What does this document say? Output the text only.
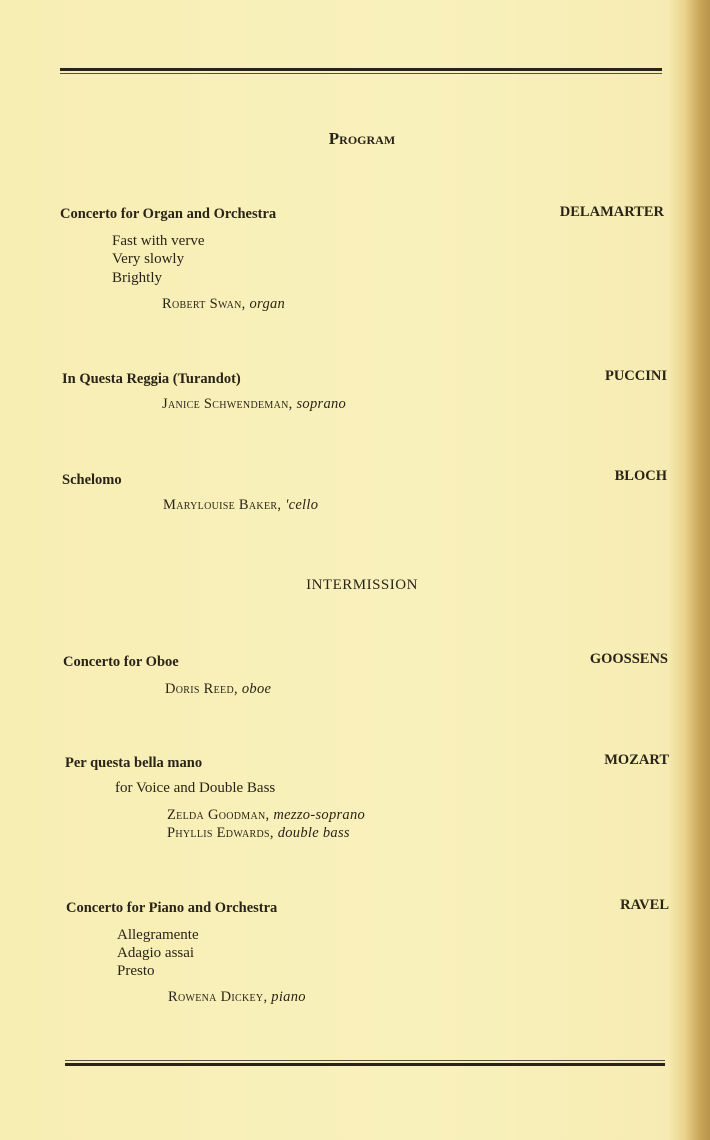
Program
Concerto for Organ and Orchestra	DELAMARTER
Fast with verve
Very slowly
Brightly
Robert Swan, organ
In Questa Reggia (Turandot)	PUCCINI
Janice Schwendeman, soprano
Schelomo	BLOCH
Marylouise Baker, 'cello
INTERMISSION
Concerto for Oboe	GOOSSENS
Doris Reed, oboe
Per questa bella mano	MOZART
for Voice and Double Bass
Zelda Goodman, mezzo-soprano
Phyllis Edwards, double bass
Concerto for Piano and Orchestra	RAVEL
Allegramente
Adagio assai
Presto
Rowena Dickey, piano
